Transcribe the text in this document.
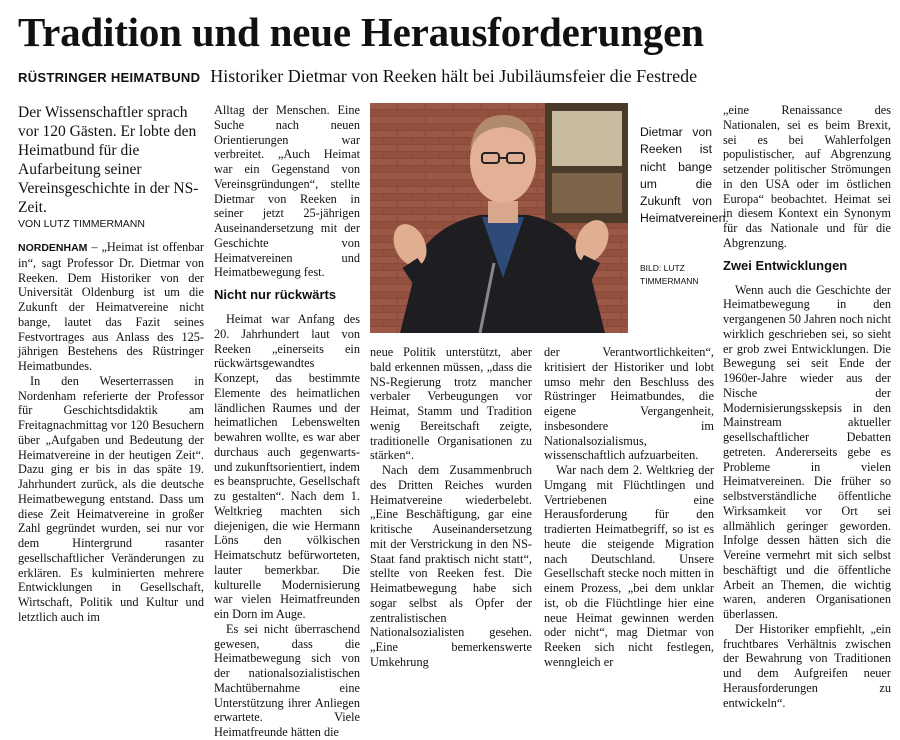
Tradition und neue Herausforderungen
RÜSTRINGER HEIMATBUND Historiker Dietmar von Reeken hält bei Jubiläumsfeier die Festrede
Der Wissenschaftler sprach vor 120 Gästen. Er lobte den Heimatbund für die Aufarbeitung seiner Vereinsgeschichte in der NS-Zeit.
VON LUTZ TIMMERMANN

NORDENHAM – „Heimat ist offenbar in“, sagt Professor Dr. Dietmar von Reeken. Dem Historiker von der Universität Oldenburg ist um die Zukunft der Heimatvereine nicht bange, lautet das Fazit seines Festvortrages aus Anlass des 125-jährigen Bestehens des Rüstringer Heimatbundes.

In den Weserterrassen in Nordenham referierte der Professor für Geschichtsdidaktik am Freitagnachmittag vor 120 Besuchern über „Aufgaben und Bedeutung der Heimatvereine in der heutigen Zeit“. Dazu ging er bis in das späte 19. Jahrhundert zurück, als die deutsche Heimatbewegung entstand. Dass um diese Zeit Heimatvereine in großer Zahl gegründet wurden, sei nur vor dem Hintergrund rasanter gesellschaftlicher Veränderungen zu erklären. Es kulminierten mehrere Entwicklungen in Gesellschaft, Wirtschaft, Politik und Kultur und letztlich auch im

Alltag der Menschen. Eine Suche nach neuen Orientierungen war verbreitet. „Auch Heimat war ein Gegenstand von Vereinsgründungen“, stellte Dietmar von Reeken in seiner jetzt 25-jährigen Auseinandersetzung mit der Geschichte von Heimatvereinen und Heimatbewegung fest.

Nicht nur rückwärts

Heimat war Anfang des 20. Jahrhundert laut von Reeken „einerseits ein rückwärtsgewandtes Konzept, das bestimmte Elemente des heimatlichen ländlichen Raumes und der heimatlichen Lebenswelten bewahren wollte, es war aber durchaus auch gegenwarts- und zukunftsorientiert, indem es beanspruchte, Gesellschaft zu gestalten“. Nach dem 1. Weltkrieg machten sich diejenigen, die wie Hermann Löns den völkischen Heimatschutz befürworteten, lauter bemerkbar. Die kulturelle Modernisierung war vielen Heimatfreunden ein Dorn im Auge.

Es sei nicht überraschend gewesen, dass die Heimatbewegung sich von der nationalsozialistischen Machtübernahme eine Unterstützung ihrer Anliegen erwartete. Viele Heimatfreunde hätten die

Dietmar von Reeken ist nicht bange um die Zukunft von Heimatvereinen.
BILD: LUTZ TIMMERMANN

neue Politik unterstützt, aber bald erkennen müssen, „dass die NS-Regierung trotz mancher verbaler Verbeugungen vor Heimat, Stamm und Tradition wenig Bereitschaft zeigte, traditionelle Organisationen zu stärken“.

Nach dem Zusammenbruch des Dritten Reiches wurden Heimatvereine wiederbelebt. „Eine Beschäftigung, gar eine kritische Auseinandersetzung mit der Verstrickung in den NS-Staat fand praktisch nicht statt“, stellte von Reeken fest. Die Heimatbewegung habe sich sogar selbst als Opfer der zentralistischen Nationalsozialisten gesehen. „Eine bemerkenswerte Umkehrung

der Verantwortlichkeiten“, kritisiert der Historiker und lobt umso mehr den Beschluss des Rüstringer Heimatbundes, die eigene Vergangenheit, insbesondere im Nationalsozialismus, wissenschaftlich aufzuarbeiten.

War nach dem 2. Weltkrieg der Umgang mit Flüchtlingen und Vertriebenen eine Herausforderung für den tradierten Heimatbegriff, so ist es heute die steigende Migration nach Deutschland. Unsere Gesellschaft stecke noch mitten in einem Prozess, „bei dem unklar ist, ob die Flüchtlinge hier eine neue Heimat gewinnen werden oder nicht“, mag Dietmar von Reeken sich nicht festlegen, wenngleich er

„eine Renaissance des Nationalen, sei es beim Brexit, sei es bei Wahlerfolgen populistischer, auf Abgrenzung setzender politischer Strömungen in den USA oder im östlichen Europa“ beobachtet. Heimat sei in diesem Kontext ein Synonym für das Nationale und für die Abgrenzung.

Zwei Entwicklungen

Wenn auch die Geschichte der Heimatbewegung in den vergangenen 50 Jahren noch nicht wirklich geschrieben sei, so sieht er grob zwei Entwicklungen. Die Bewegung sei seit Ende der 1960er-Jahre wieder aus der Nische der Modernisierungsskepsis in den Mainstream aktueller gesellschaftlicher Debatten getreten. Andererseits gebe es Probleme in vielen Heimatvereinen. Die früher so selbstverständliche öffentliche Wirksamkeit vor Ort sei allmählich geringer geworden. Infolge dessen hätten sich die Vereine vermehrt mit sich selbst beschäftigt und die öffentliche Arbeit an Themen, die wichtig waren, anderen Organisationen überlassen.

Der Historiker empfiehlt, „ein fruchtbares Verhältnis zwischen der Bewahrung von Traditionen und dem Aufgreifen neuer Herausforderungen zu entwickeln“.
